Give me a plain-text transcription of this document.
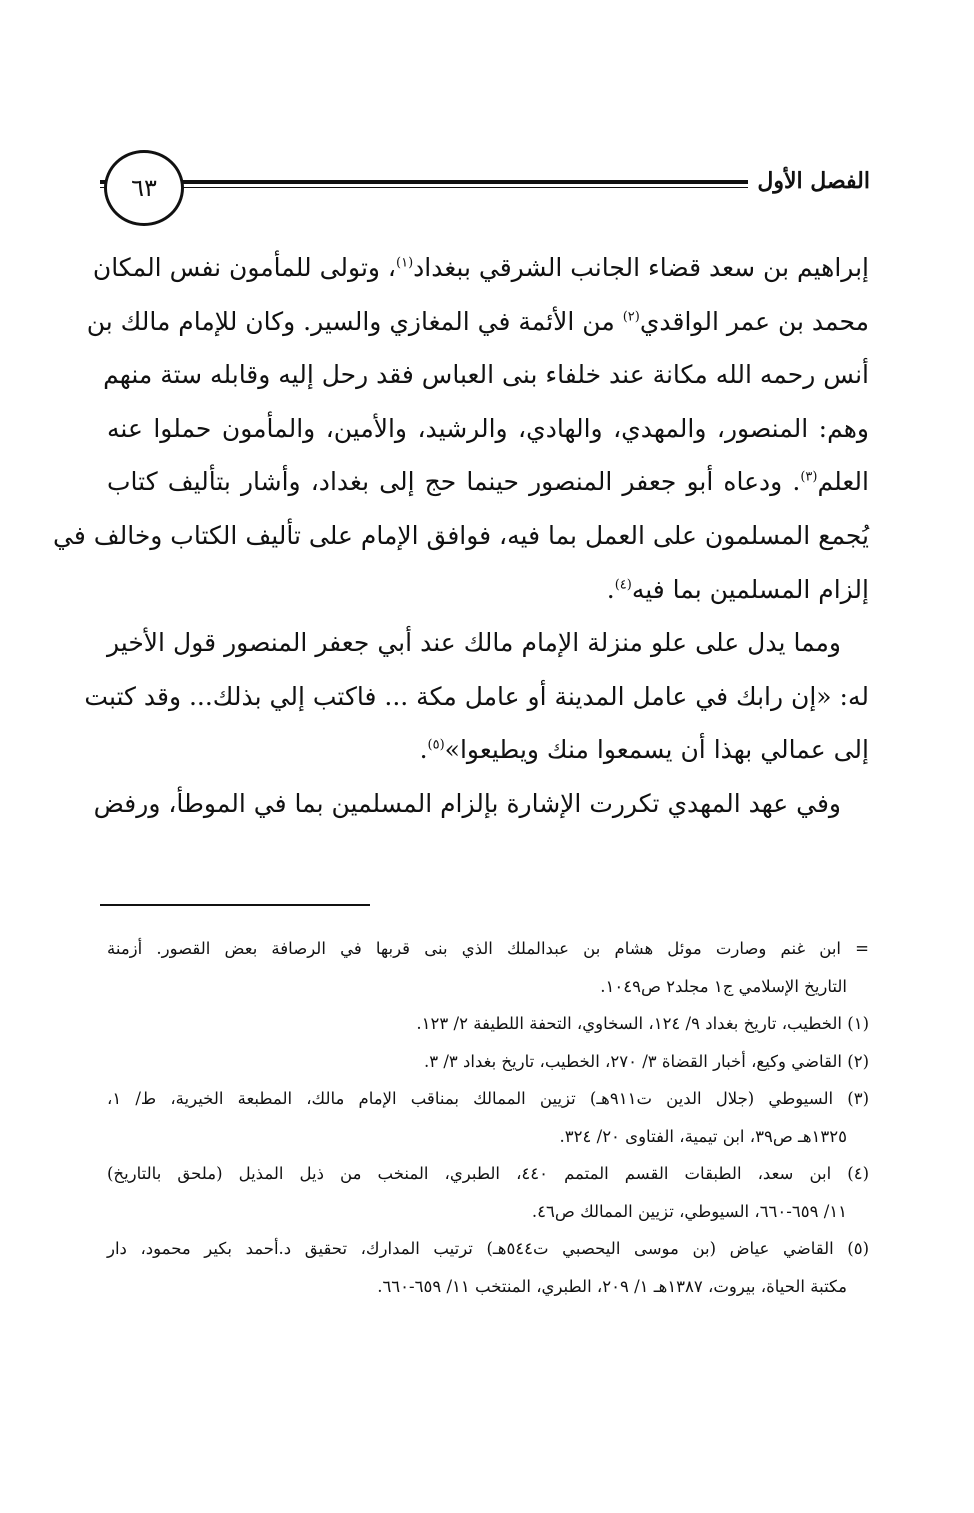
٦٣	الفصل الأول
إبراهيم بن سعد قضاء الجانب الشرقي ببغداد$^{(١)}$، وتولى للمأمون نفس المكان
محمد بن عمر الواقدي$^{(٢)}$ من الأئمة في المغازي والسير. وكان للإمام مالك بن
أنس رحمه الله مكانة عند خلفاء بنى العباس فقد رحل إليه وقابله ستة منهم
وهم: المنصور، والمهدي، والهادي، والرشيد، والأمين، والمأمون حملوا عنه
العلم$^{(٣)}$. ودعاه أبو جعفر المنصور حينما حج إلى بغداد، وأشار بتأليف كتاب
يُجمع المسلمون على العمل بما فيه، فوافق الإمام على تأليف الكتاب وخالف في
إلزام المسلمين بما فيه$^{(٤)}$.
ومما يدل على علو منزلة الإمام مالك عند أبي جعفر المنصور قول الأخير
له: «إن رابك في عامل المدينة أو عامل مكة ... فاكتب إلي بذلك... وقد كتبت
إلى عمالي بهذا أن يسمعوا منك ويطيعوا»$^{(٥)}$.
وفي عهد المهدي تكررت الإشارة بإلزام المسلمين بما في الموطأ، ورفض
= ابن غنم وصارت موئل هشام بن عبدالملك الذي بنى قربها في الرصافة بعض القصور. أزمنة
التاريخ الإسلامي ج١ مجلد٢ ص١٠٤٩.
(١) الخطيب، تاريخ بغداد ٩/ ١٢٤، السخاوي، التحفة اللطيفة ٢/ ١٢٣.
(٢) القاضي وكيع، أخبار القضاة ٣/ ٢٧٠، الخطيب، تاريخ بغداد ٣/ ٣.
(٣) السيوطي (جلال الدين ت٩١١هـ) تزيين الممالك بمناقب الإمام مالك، المطبعة الخيرية، ط/ ١،
١٣٢٥هـ ص٣٩، ابن تيمية، الفتاوى ٢٠/ ٣٢٤.
(٤) ابن سعد، الطبقات القسم المتمم ٤٤٠، الطبري، المنخب من ذيل المذيل (ملحق بالتاريخ)
١١/ ٦٥٩-٦٦٠، السيوطي، تزيين الممالك ص٤٦.
(٥) القاضي عياض (بن موسى اليحصبي ت٥٤٤هـ) ترتيب المدارك، تحقيق د.أحمد بكير محمود، دار
مكتبة الحياة، بيروت، ١٣٨٧هـ ١/ ٢٠٩، الطبري، المنتخب ١١/ ٦٥٩-٦٦٠.
